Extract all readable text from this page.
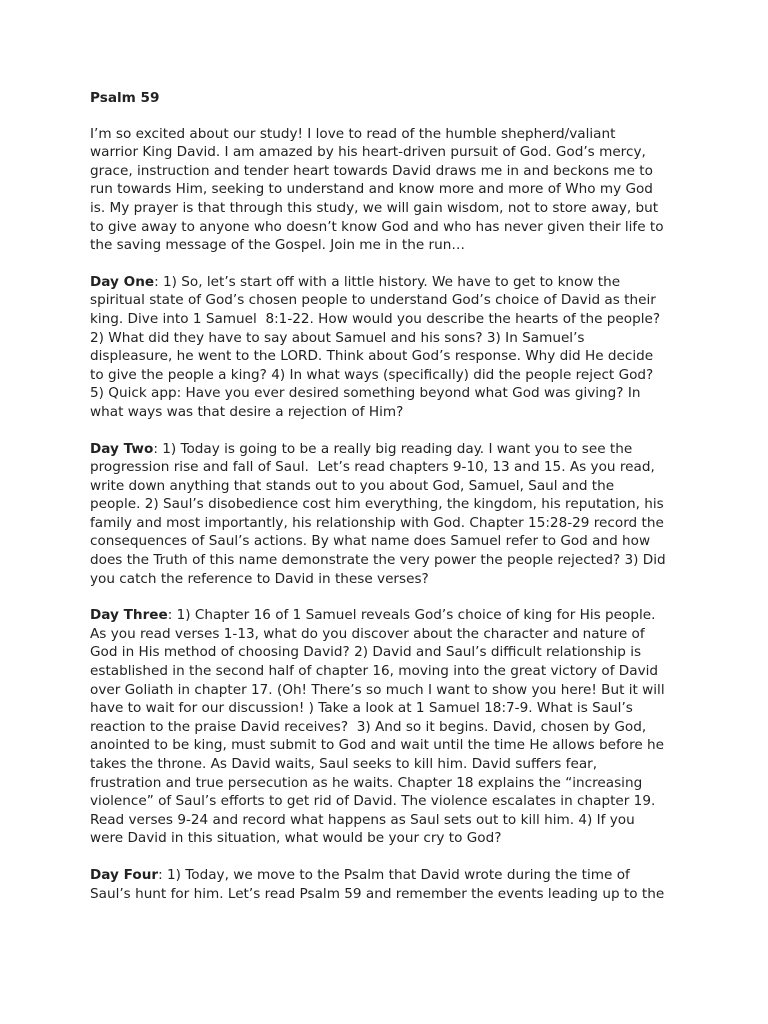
Psalm 59
I’m so excited about our study! I love to read of the humble shepherd/valiant
warrior King David. I am amazed by his heart-driven pursuit of God. God’s mercy,
grace, instruction and tender heart towards David draws me in and beckons me to
run towards Him, seeking to understand and know more and more of Who my God
is. My prayer is that through this study, we will gain wisdom, not to store away, but
to give away to anyone who doesn’t know God and who has never given their life to
the saving message of the Gospel. Join me in the run…
Day One: 1) So, let’s start off with a little history. We have to get to know the
spiritual state of God’s chosen people to understand God’s choice of David as their
king. Dive into 1 Samuel  8:1-22. How would you describe the hearts of the people?
2) What did they have to say about Samuel and his sons? 3) In Samuel’s
displeasure, he went to the LORD. Think about God’s response. Why did He decide
to give the people a king? 4) In what ways (specifically) did the people reject God?
5) Quick app: Have you ever desired something beyond what God was giving? In
what ways was that desire a rejection of Him?
Day Two: 1) Today is going to be a really big reading day. I want you to see the
progression rise and fall of Saul.  Let’s read chapters 9-10, 13 and 15. As you read,
write down anything that stands out to you about God, Samuel, Saul and the
people. 2) Saul’s disobedience cost him everything, the kingdom, his reputation, his
family and most importantly, his relationship with God. Chapter 15:28-29 record the
consequences of Saul’s actions. By what name does Samuel refer to God and how
does the Truth of this name demonstrate the very power the people rejected? 3) Did
you catch the reference to David in these verses?
Day Three: 1) Chapter 16 of 1 Samuel reveals God’s choice of king for His people.
As you read verses 1-13, what do you discover about the character and nature of
God in His method of choosing David? 2) David and Saul’s difficult relationship is
established in the second half of chapter 16, moving into the great victory of David
over Goliath in chapter 17. (Oh! There’s so much I want to show you here! But it will
have to wait for our discussion! ) Take a look at 1 Samuel 18:7-9. What is Saul’s
reaction to the praise David receives?  3) And so it begins. David, chosen by God,
anointed to be king, must submit to God and wait until the time He allows before he
takes the throne. As David waits, Saul seeks to kill him. David suffers fear,
frustration and true persecution as he waits. Chapter 18 explains the “increasing
violence” of Saul’s efforts to get rid of David. The violence escalates in chapter 19.
Read verses 9-24 and record what happens as Saul sets out to kill him. 4) If you
were David in this situation, what would be your cry to God?
Day Four: 1) Today, we move to the Psalm that David wrote during the time of
Saul’s hunt for him. Let’s read Psalm 59 and remember the events leading up to the
